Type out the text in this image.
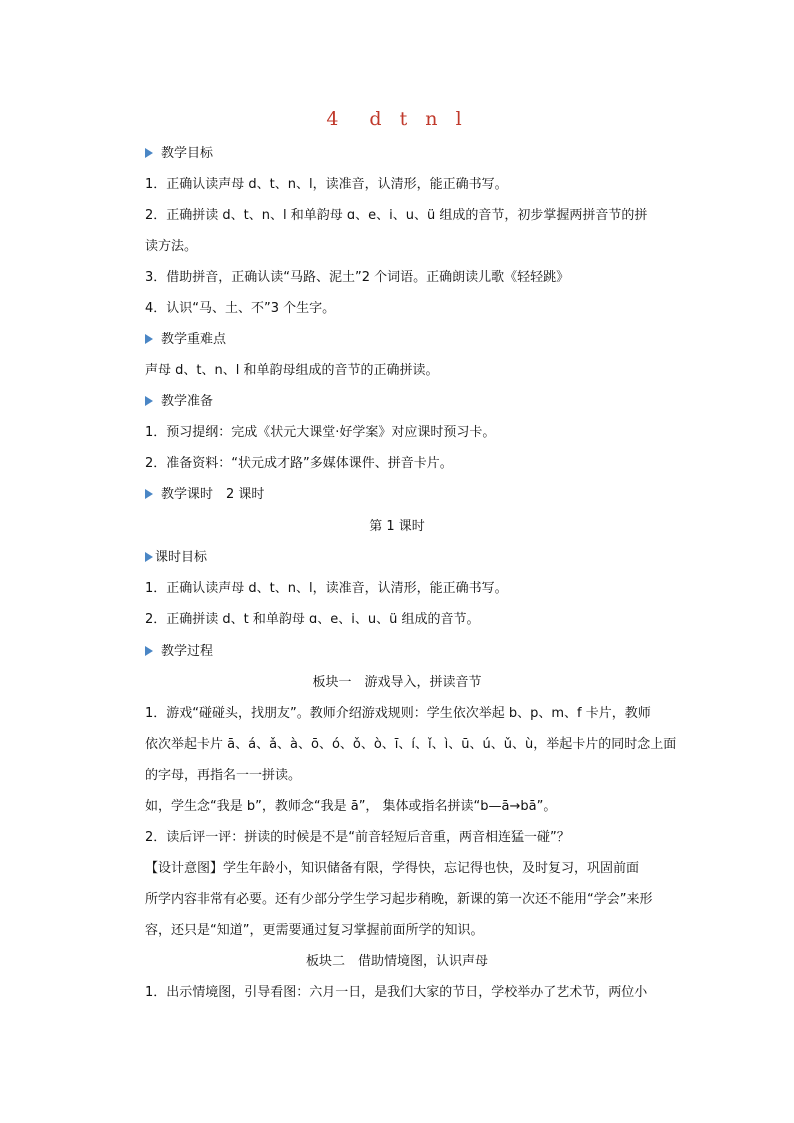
4　d t n l
教学目标
1．正确认读声母 d、t、n、l，读准音，认清形，能正确书写。
2．正确拼读 d、t、n、l 和单韵母 ɑ、e、i、u、ü 组成的音节，初步掌握两拼音节的拼
读方法。
3．借助拼音，正确认读“马路、泥土”2 个词语。正确朗读儿歌《轻轻跳》
4．认识“马、土、不”3 个生字。
教学重难点
声母 d、t、n、l 和单韵母组成的音节的正确拼读。
教学准备
1．预习提纲：完成《状元大课堂·好学案》对应课时预习卡。
2．准备资料：“状元成才路”多媒体课件、拼音卡片。
教学课时　2 课时
第 1 课时
课时目标
1．正确认读声母 d、t、n、l，读准音，认清形，能正确书写。
2．正确拼读 d、t 和单韵母 ɑ、e、i、u、ü 组成的音节。
教学过程
板块一　游戏导入，拼读音节
1．游戏“碰碰头，找朋友”。教师介绍游戏规则：学生依次举起 b、p、m、f 卡片，教师
依次举起卡片 ā、á、ǎ、à、ō、ó、ǒ、ò、ī、í、ǐ、ì、ū、ú、ǔ、ù，举起卡片的同时念上面
的字母，再指名一一拼读。
如，学生念“我是 b”，教师念“我是 ā”， 集体或指名拼读“b—ā→bā”。
2．读后评一评：拼读的时候是不是“前音轻短后音重，两音相连猛一碰”？
【设计意图】学生年龄小，知识储备有限，学得快，忘记得也快，及时复习，巩固前面
所学内容非常有必要。还有少部分学生学习起步稍晚，新课的第一次还不能用“学会”来形
容，还只是“知道”，更需要通过复习掌握前面所学的知识。
板块二　借助情境图，认识声母
1．出示情境图，引导看图：六月一日，是我们大家的节日，学校举办了艺术节，两位小
